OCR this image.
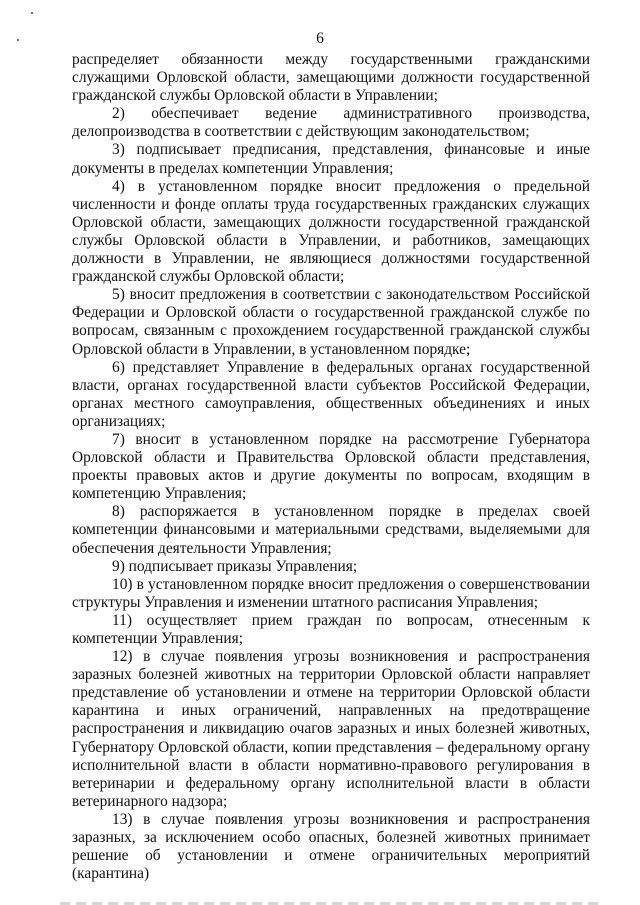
6

распределяет обязанности между государственными гражданскими служащими Орловской области, замещающими должности государственной гражданской службы Орловской области в Управлении;

2) обеспечивает ведение административного производства, делопроизводства в соответствии с действующим законодательством;

3) подписывает предписания, представления, финансовые и иные документы в пределах компетенции Управления;

4) в установленном порядке вносит предложения о предельной численности и фонде оплаты труда государственных гражданских служащих Орловской области, замещающих должности государственной гражданской службы Орловской области в Управлении, и работников, замещающих должности в Управлении, не являющиеся должностями государственной гражданской службы Орловской области;

5) вносит предложения в соответствии с законодательством Российской Федерации и Орловской области о государственной гражданской службе по вопросам, связанным с прохождением государственной гражданской службы Орловской области в Управлении, в установленном порядке;

6) представляет Управление в федеральных органах государственной власти, органах государственной власти субъектов Российской Федерации, органах местного самоуправления, общественных объединениях и иных организациях;

7) вносит в установленном порядке на рассмотрение Губернатора Орловской области и Правительства Орловской области представления, проекты правовых актов и другие документы по вопросам, входящим в компетенцию Управления;

8) распоряжается в установленном порядке в пределах своей компетенции финансовыми и материальными средствами, выделяемыми для обеспечения деятельности Управления;

9) подписывает приказы Управления;

10) в установленном порядке вносит предложения о совершенствовании структуры Управления и изменении штатного расписания Управления;

11) осуществляет прием граждан по вопросам, отнесенным к компетенции Управления;

12) в случае появления угрозы возникновения и распространения заразных болезней животных на территории Орловской области направляет представление об установлении и отмене на территории Орловской области карантина и иных ограничений, направленных на предотвращение распространения и ликвидацию очагов заразных и иных болезней животных, Губернатору Орловской области, копии представления – федеральному органу исполнительной власти в области нормативно-правового регулирования в ветеринарии и федеральному органу исполнительной власти в области ветеринарного надзора;

13) в случае появления угрозы возникновения и распространения заразных, за исключением особо опасных, болезней животных принимает решение об установлении и отмене ограничительных мероприятий (карантина)
